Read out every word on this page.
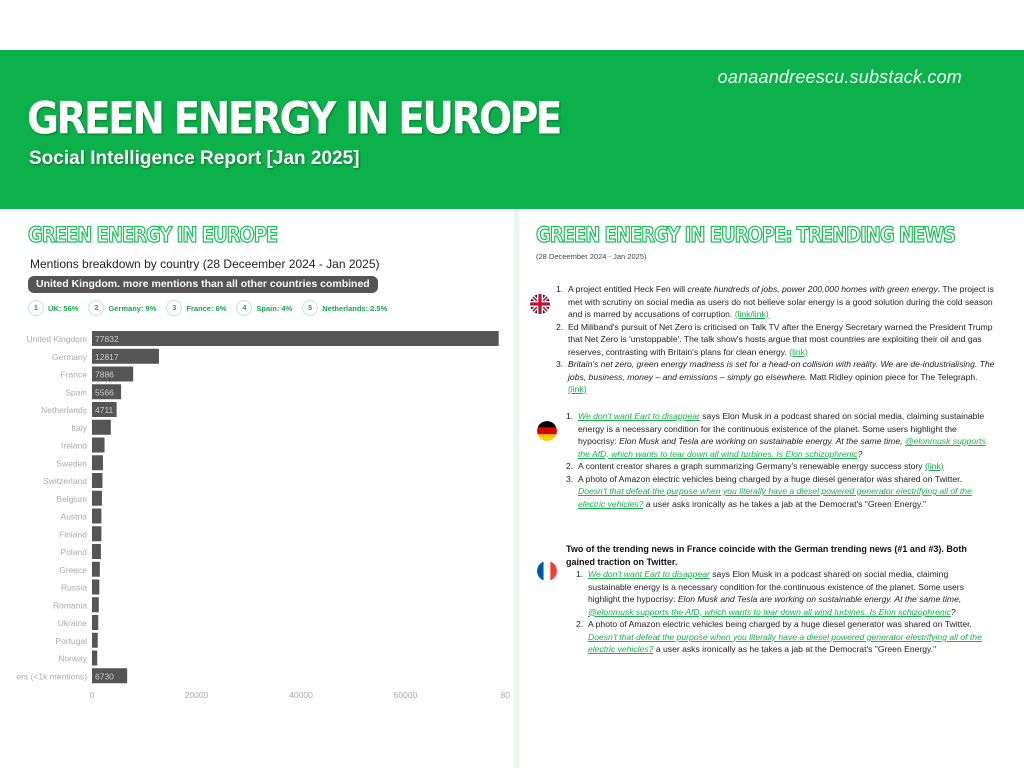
oanaandreescu.substack.com
GREEN ENERGY IN EUROPE
Social Intelligence Report [Jan 2025]
GREEN ENERGY IN EUROPE
Mentions breakdown by country (28 Deceember 2024 - Jan 2025)
United Kingdom. more mentions than all other countries combined
1	UK: 56%	2	Germany: 9%	3	France: 6%	4	Spain: 4%	5	Netherlands: 2.5%
United Kingdom 77832
Germany 12817
France 7886
Spain 5566
Netherlands 4711
Italy
Ireland
Sweden
Switzerland
Belgium
Austria
Finland
Poland
Greece
Russia
Romania
Ukraine
Portugal
Norway
ers (<1k mentions) 6730
0	20000	40000	60000	80
GREEN ENERGY IN EUROPE: TRENDING NEWS
(28 Deceember 2024 - Jan 2025)
1. A project entitled Heck Fen will create hundreds of jobs, power 200,000 homes with green energy. The project is met with scrutiny on social media as users do not believe solar energy is a good solution during the cold season and is marred by accusations of corruption. (link/link)
2. Ed Miliband's pursuit of Net Zero is criticised on Talk TV after the Energy Secretary warned the President Trump that Net Zero is 'unstoppable'. The talk show's hosts argue that most countries are exploiting their oil and gas reserves, contrasting with Britain's plans for clean energy. (link)
3. Britain's net zero, green energy madness is set for a head-on collision with reality. We are de-industrialising. The jobs, business, money – and emissions – simply go elsewhere. Matt Ridley opinion piece for The Telegraph. (link)
1. We don't want Eart to disappear says Elon Musk in a podcast shared on social media, claiming sustainable energy is a necessary condition for the continuous existence of the planet. Some users highlight the hypocrisy: Elon Musk and Tesla are working on sustainable energy. At the same time, @elonmusk supports the AfD, which wants to tear down all wind turbines. Is Elon schizophrenic?
2. A content creator shares a graph summarizing Germany's renewable energy success story (link)
3. A photo of Amazon electric vehicles being charged by a huge diesel generator was shared on Twitter. Doesn't that defeat the purpose when you literally have a diesel powered generator electrifying all of the electric vehicles? a user asks ironically as he takes a jab at the Democrat's "Green Energy."
Two of the trending news in France coincide with the German trending news (#1 and #3). Both gained traction on Twitter.
1. We don't want Eart to disappear says Elon Musk in a podcast shared on social media, claiming sustainable energy is a necessary condition for the continuous existence of the planet. Some users highlight the hypocrisy: Elon Musk and Tesla are working on sustainable energy. At the same time, @elonmusk supports the AfD, which wants to tear down all wind turbines. Is Elon schizophrenic?
2. A photo of Amazon electric vehicles being charged by a huge diesel generator was shared on Twitter. Doesn't that defeat the purpose when you literally have a diesel powered generator electrifying all of the electric vehicles? a user asks ironically as he takes a jab at the Democrat's "Green Energy."
